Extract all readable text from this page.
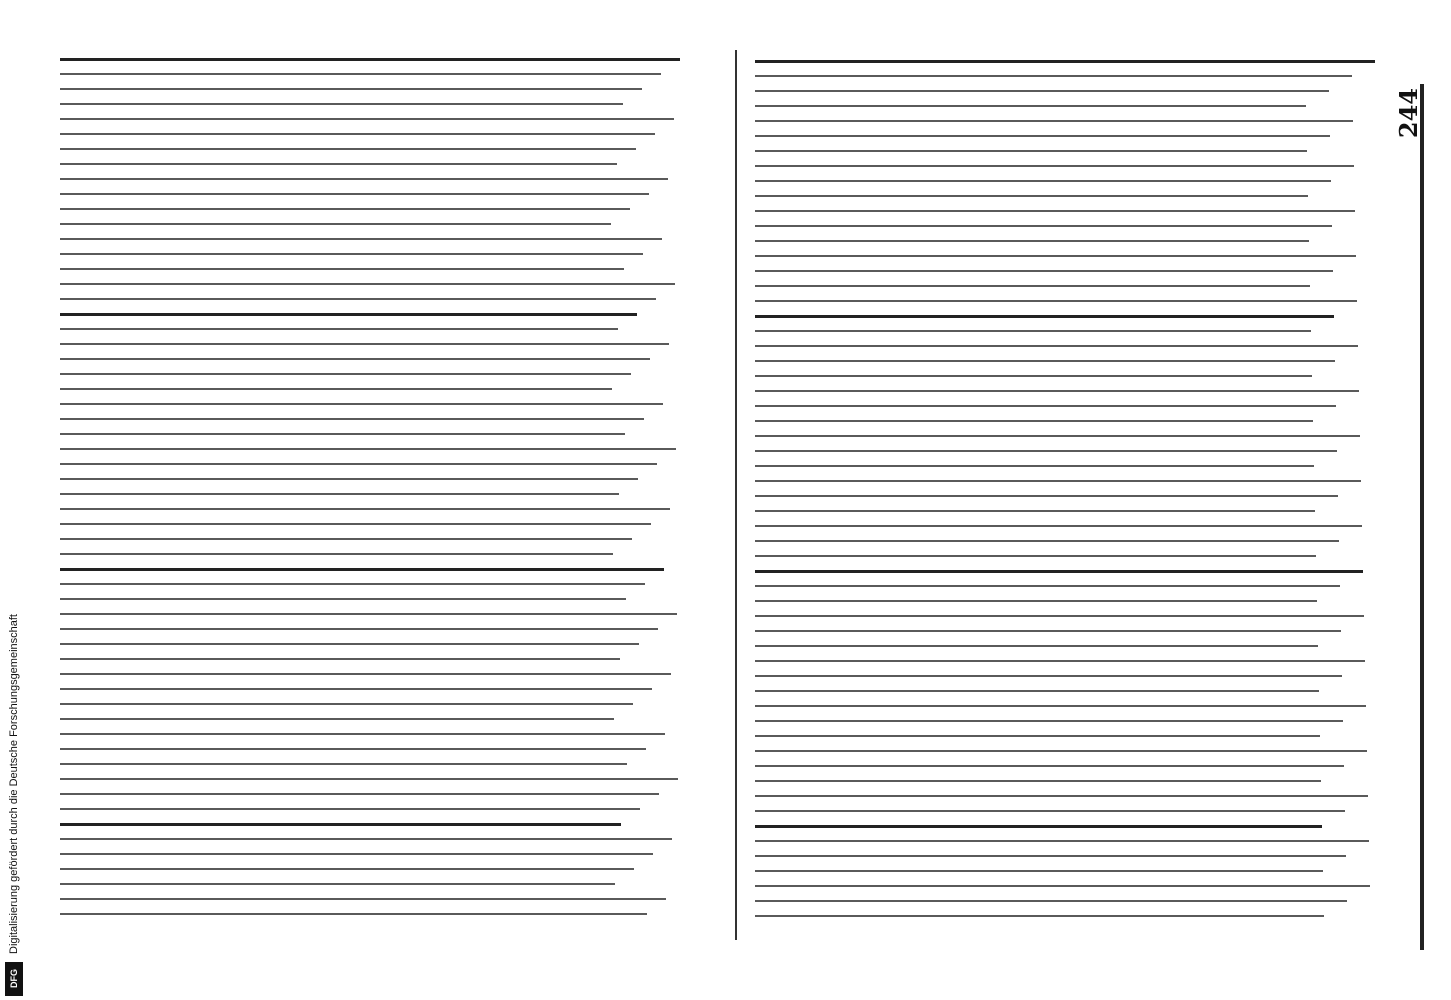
244
Digitalisierung gefördert durch die Deutsche Forschungsgemeinschaft
DFG
